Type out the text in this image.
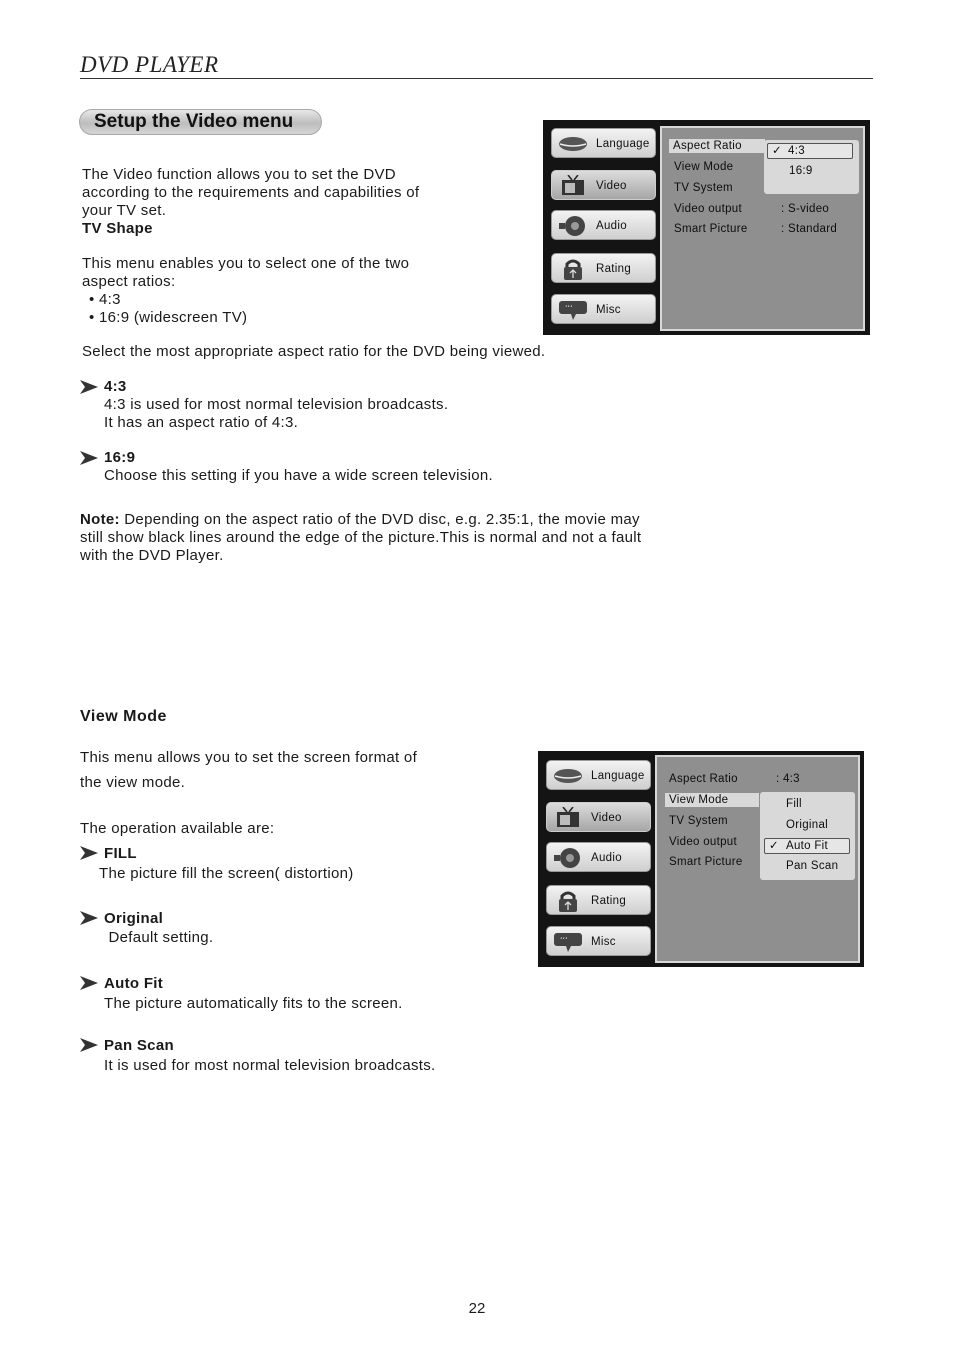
DVD PLAYER
Setup the Video menu
The Video function allows you to set the DVD
according to the requirements and capabilities of
your TV set.
TV Shape
This menu enables you to select one of the two
aspect ratios:
• 4:3
• 16:9 (widescreen TV)
Select the most appropriate aspect ratio for the DVD being viewed.
4:3
4:3 is used for most normal television broadcasts.
It has an aspect ratio of 4:3.
16:9
Choose this setting if you have a wide screen television.
Note: Depending on the aspect ratio of the DVD disc, e.g. 2.35:1, the movie may
still show black lines around the edge of the picture.This is normal and not a fault
with the DVD Player.
Language
Video
Audio
Rating
ʻʻʻ Misc
Aspect Ratio
View Mode
TV System
Video output	: S-video
Smart Picture	: Standard
✓ 4:3
16:9
View Mode
This menu allows you to set the screen format of
the view mode.
The operation available are:
FILL
The picture fill the screen( distortion)
Original
Default setting.
Auto Fit
The picture automatically fits to the screen.
Pan Scan
It is used for most normal television broadcasts.
Language
Video
Audio
Rating
ʻʻʻ Misc
Aspect Ratio	: 4:3
View Mode
TV System
Video output
Smart Picture
Fill
Original
✓ Auto Fit
Pan Scan
22
